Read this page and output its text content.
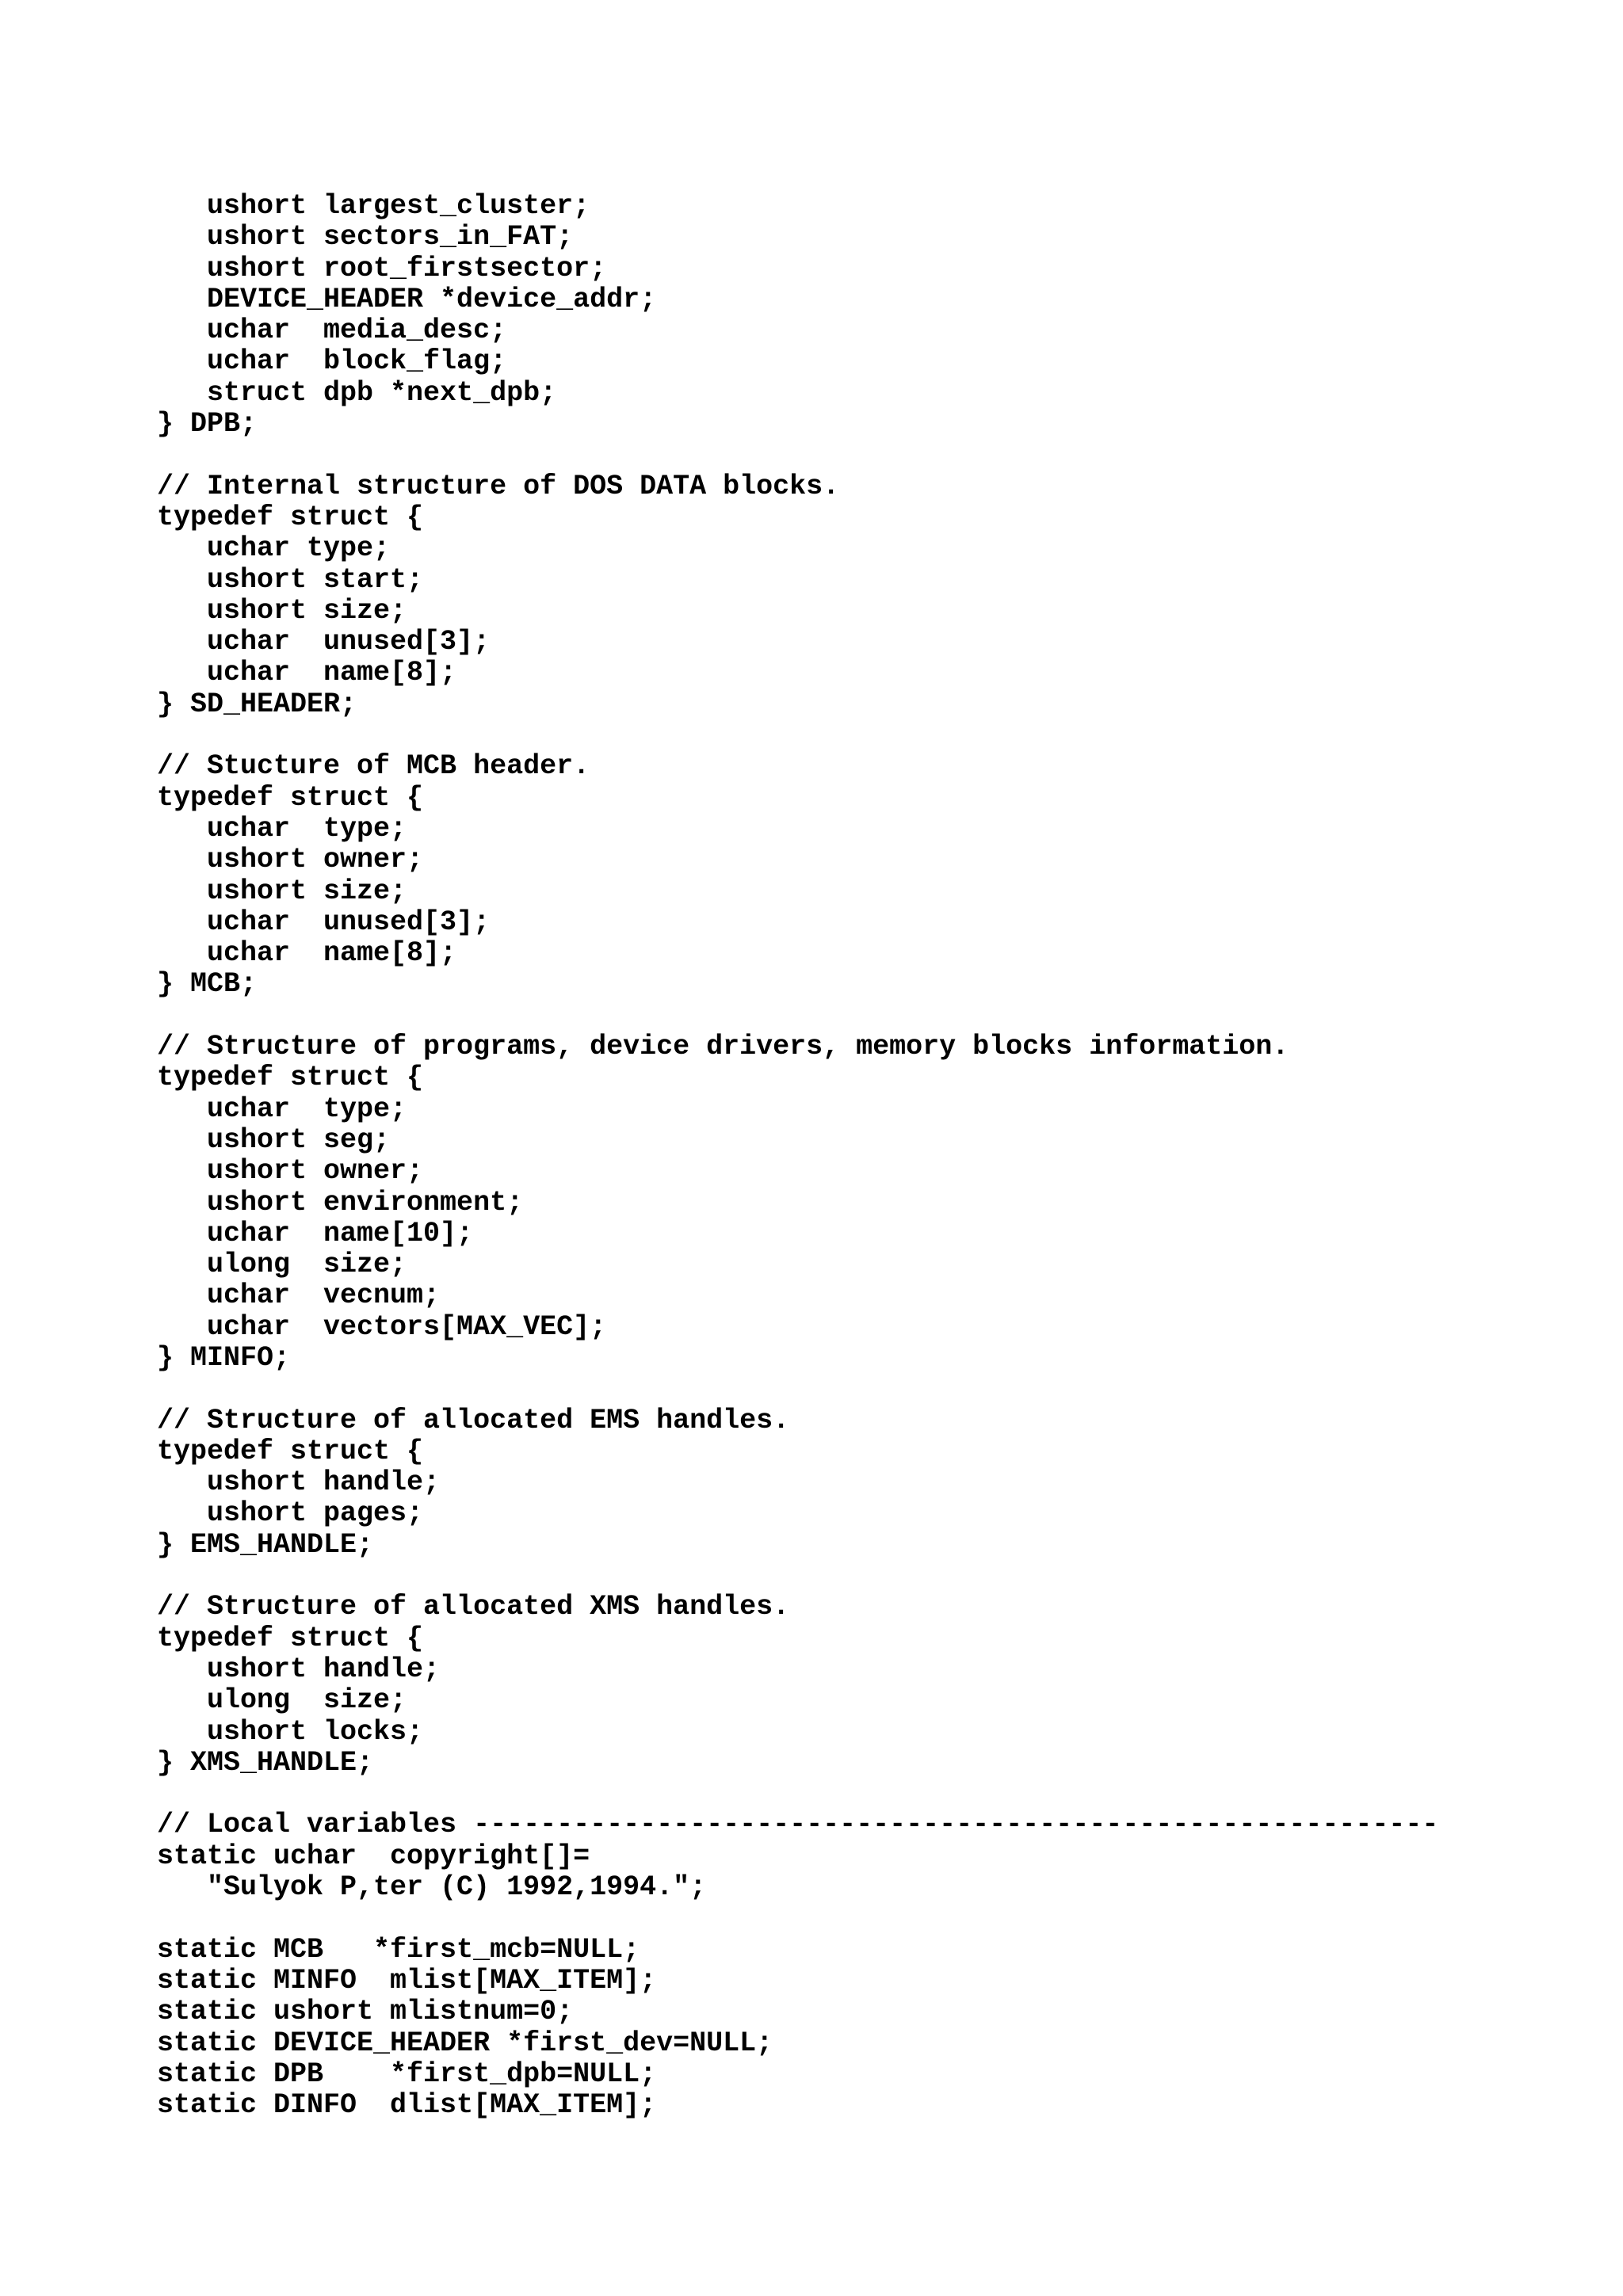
ushort largest_cluster;
ushort sectors_in_FAT;
ushort root_firstsector;
DEVICE_HEADER *device_addr;
uchar  media_desc;
uchar  block_flag;
struct dpb *next_dpb;
} DPB;
// Internal structure of DOS DATA blocks.
typedef struct {
uchar type;
ushort start;
ushort size;
uchar  unused[3];
uchar  name[8];
} SD_HEADER;
// Stucture of MCB header.
typedef struct {
uchar  type;
ushort owner;
ushort size;
uchar  unused[3];
uchar  name[8];
} MCB;
// Structure of programs, device drivers, memory blocks information.
typedef struct {
uchar  type;
ushort seg;
ushort owner;
ushort environment;
uchar  name[10];
ulong  size;
uchar  vecnum;
uchar  vectors[MAX_VEC];
} MINFO;
// Structure of allocated EMS handles.
typedef struct {
ushort handle;
ushort pages;
} EMS_HANDLE;
// Structure of allocated XMS handles.
typedef struct {
ushort handle;
ulong  size;
ushort locks;
} XMS_HANDLE;
// Local variables ----------------------------------------------------------
static uchar  copyright[]=
"Sulyok P,ter (C) 1992,1994.";
static MCB   *first_mcb=NULL;
static MINFO  mlist[MAX_ITEM];
static ushort mlistnum=0;
static DEVICE_HEADER *first_dev=NULL;
static DPB    *first_dpb=NULL;
static DINFO  dlist[MAX_ITEM];
